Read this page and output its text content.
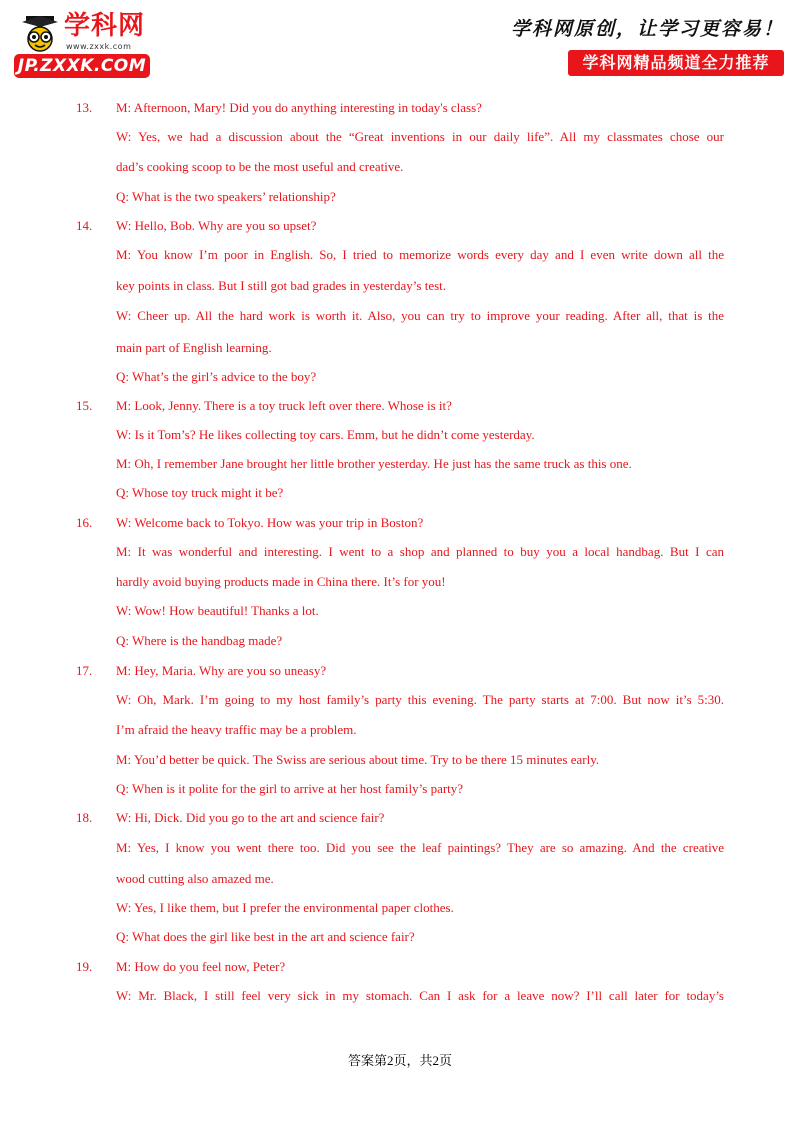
学科网
www.zxxk.com
JP.ZXXK.COM
学科网原创，让学习更容易！
学科网精品频道全力推荐
13. M: Afternoon, Mary! Did you do anything interesting in today's class?
W: Yes, we had a discussion about the “Great inventions in our daily life”. All my classmates chose our
dad’s cooking scoop to be the most useful and creative.
Q: What is the two speakers’ relationship?
14. W: Hello, Bob. Why are you so upset?
M: You know I’m poor in English. So, I tried to memorize words every day and I even write down all the
key points in class. But I still got bad grades in yesterday’s test.
W: Cheer up. All the hard work is worth it. Also, you can try to improve your reading. After all, that is the
main part of English learning.
Q: What’s the girl’s advice to the boy?
15. M: Look, Jenny. There is a toy truck left over there. Whose is it?
W: Is it Tom’s? He likes collecting toy cars. Emm, but he didn’t come yesterday.
M: Oh, I remember Jane brought her little brother yesterday. He just has the same truck as this one.
Q: Whose toy truck might it be?
16. W: Welcome back to Tokyo. How was your trip in Boston?
M: It was wonderful and interesting. I went to a shop and planned to buy you a local handbag. But I can
hardly avoid buying products made in China there. It’s for you!
W: Wow! How beautiful! Thanks a lot.
Q: Where is the handbag made?
17. M: Hey, Maria. Why are you so uneasy?
W: Oh, Mark. I’m going to my host family’s party this evening. The party starts at 7:00. But now it’s 5:30.
I’m afraid the heavy traffic may be a problem.
M: You’d better be quick. The Swiss are serious about time. Try to be there 15 minutes early.
Q: When is it polite for the girl to arrive at her host family’s party?
18. W: Hi, Dick. Did you go to the art and science fair?
M: Yes, I know you went there too. Did you see the leaf paintings? They are so amazing. And the creative
wood cutting also amazed me.
W: Yes, I like them, but I prefer the environmental paper clothes.
Q: What does the girl like best in the art and science fair?
19. M: How do you feel now, Peter?
W: Mr. Black, I still feel very sick in my stomach. Can I ask for a leave now? I’ll call later for today’s
答案第2页，共2页
